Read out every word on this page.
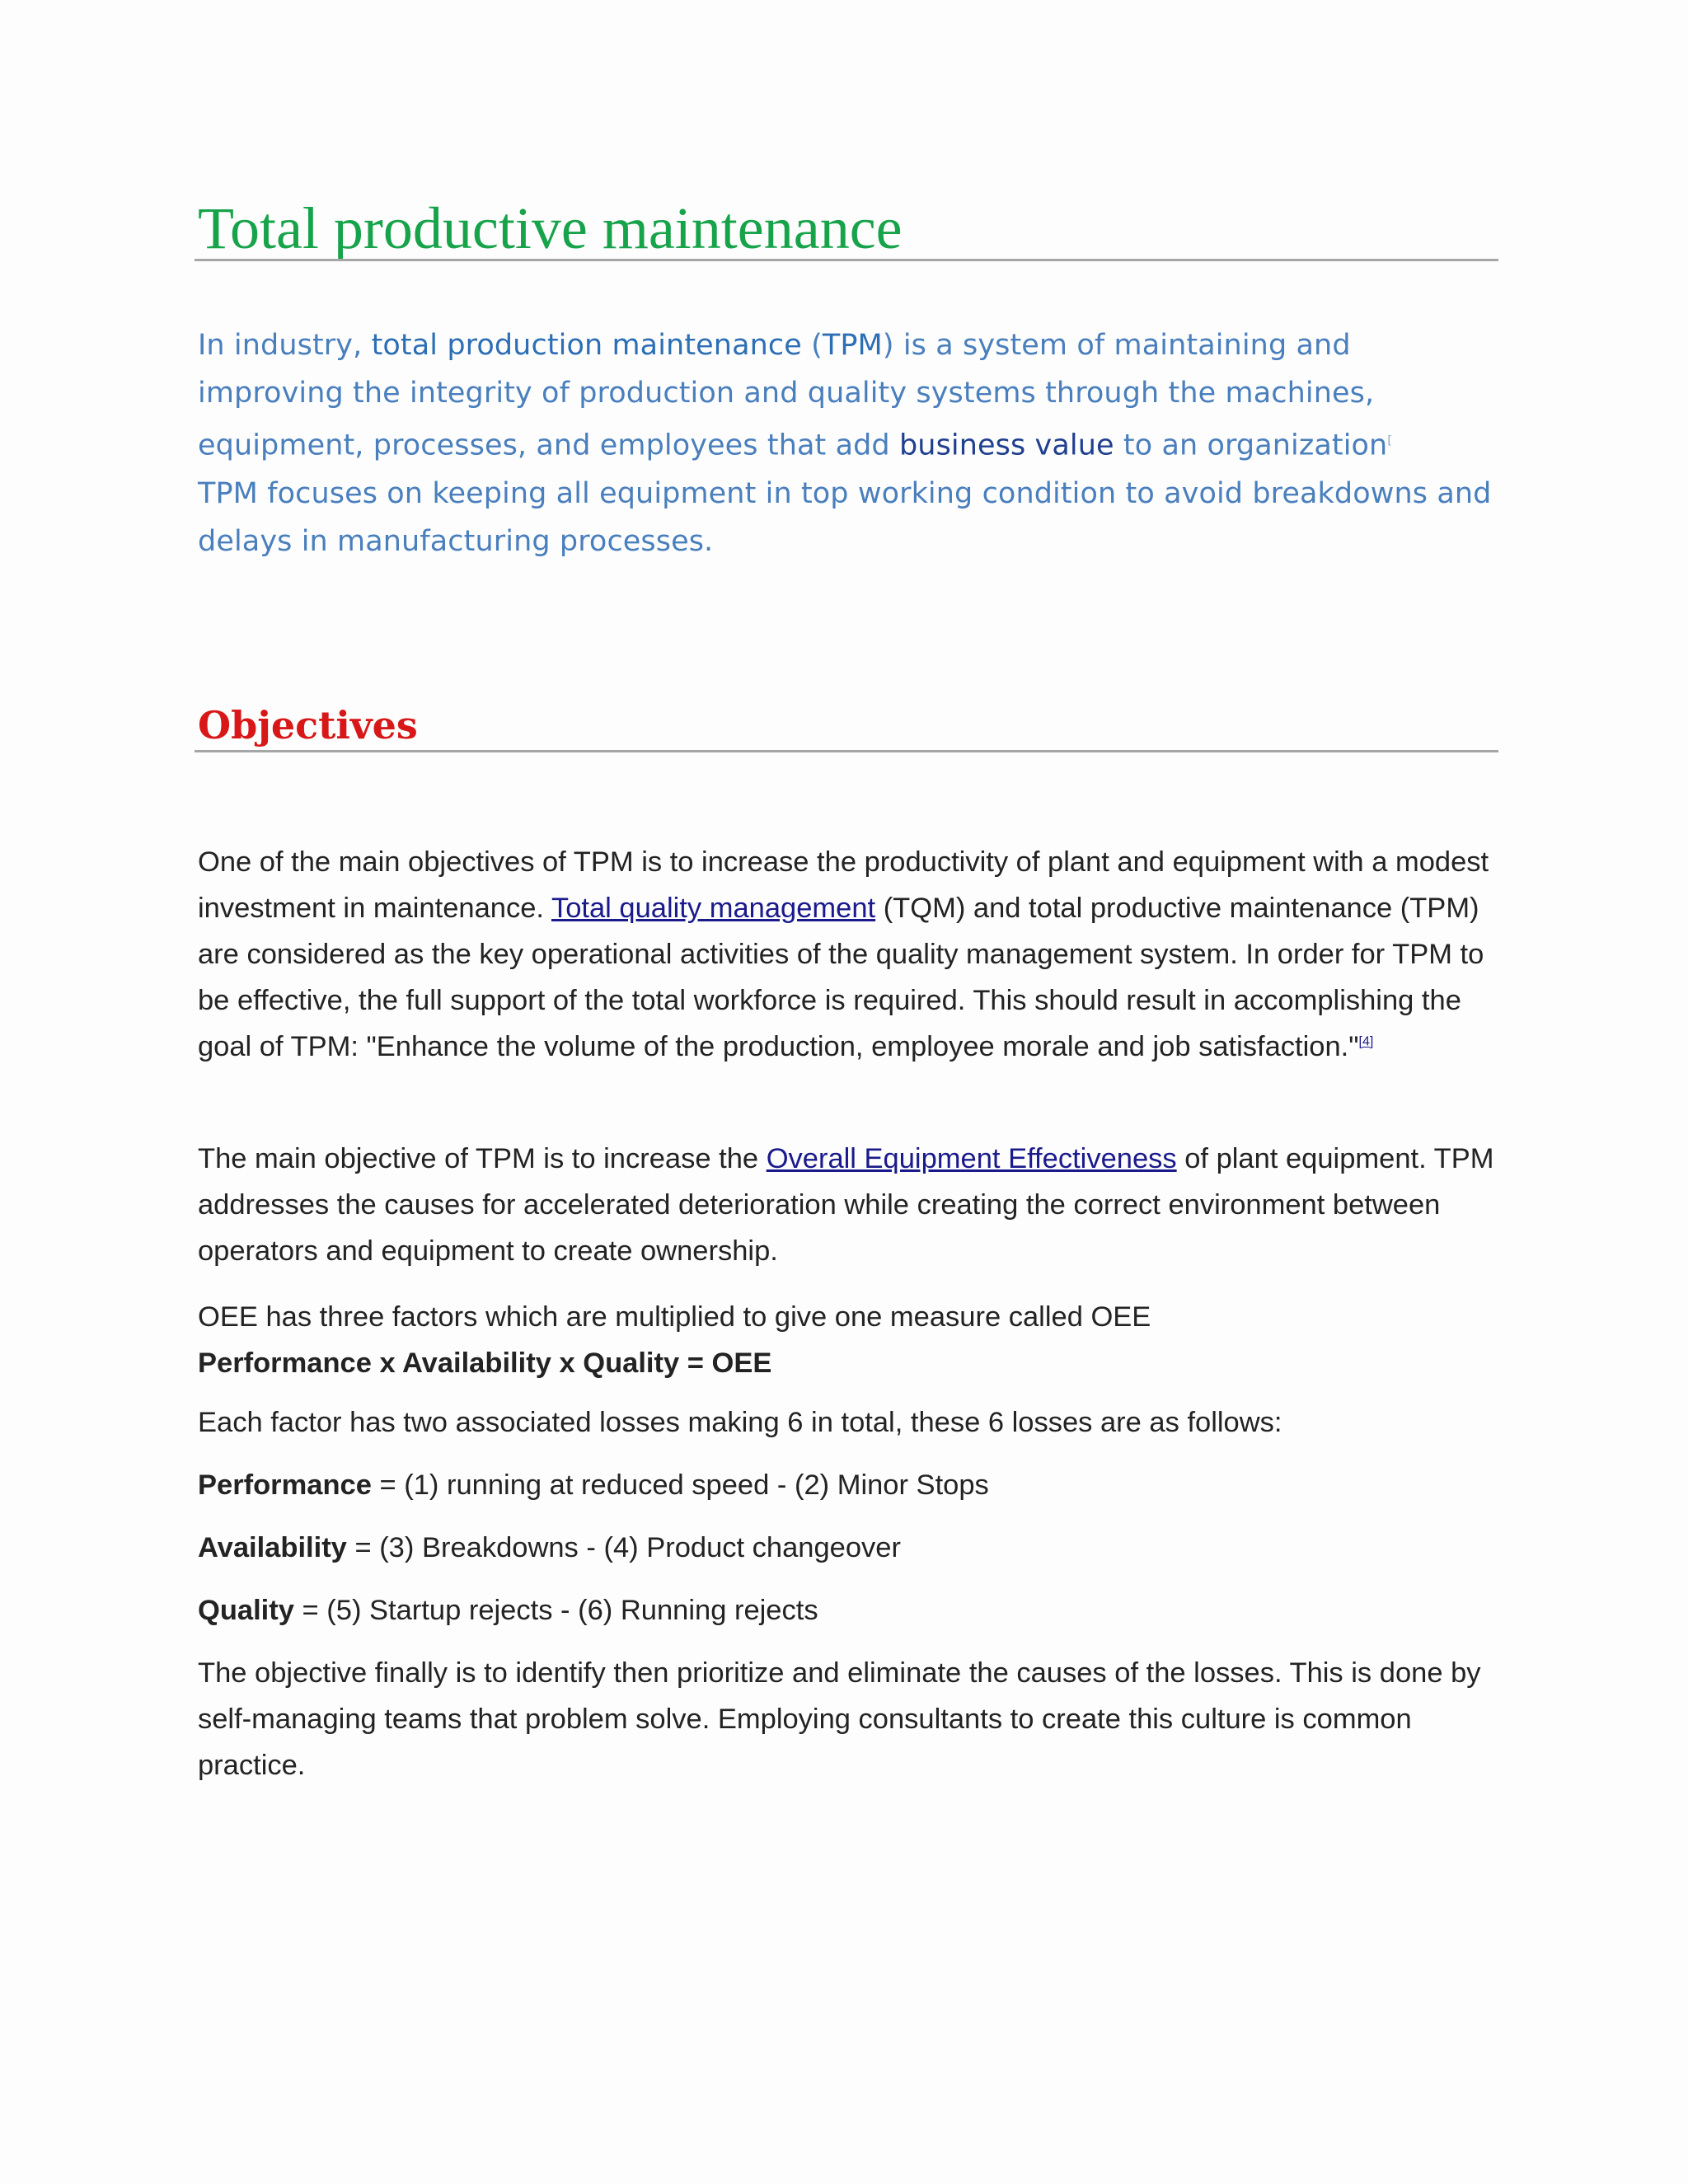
Total productive maintenance

In industry, total production maintenance (TPM) is a system of maintaining and improving the integrity of production and quality systems through the machines, equipment, processes, and employees that add business value to an organization[

TPM focuses on keeping all equipment in top working condition to avoid breakdowns and delays in manufacturing processes.

Objectives

One of the main objectives of TPM is to increase the productivity of plant and equipment with a modest investment in maintenance. Total quality management (TQM) and total productive maintenance (TPM) are considered as the key operational activities of the quality management system. In order for TPM to be effective, the full support of the total workforce is required. This should result in accomplishing the goal of TPM: "Enhance the volume of the production, employee morale and job satisfaction."[4]

The main objective of TPM is to increase the Overall Equipment Effectiveness of plant equipment. TPM addresses the causes for accelerated deterioration while creating the correct environment between operators and equipment to create ownership.

OEE has three factors which are multiplied to give one measure called OEE
Performance x Availability x Quality = OEE

Each factor has two associated losses making 6 in total, these 6 losses are as follows:

Performance = (1) running at reduced speed - (2) Minor Stops

Availability = (3) Breakdowns - (4) Product changeover

Quality = (5) Startup rejects - (6) Running rejects

The objective finally is to identify then prioritize and eliminate the causes of the losses. This is done by self-managing teams that problem solve. Employing consultants to create this culture is common practice.
